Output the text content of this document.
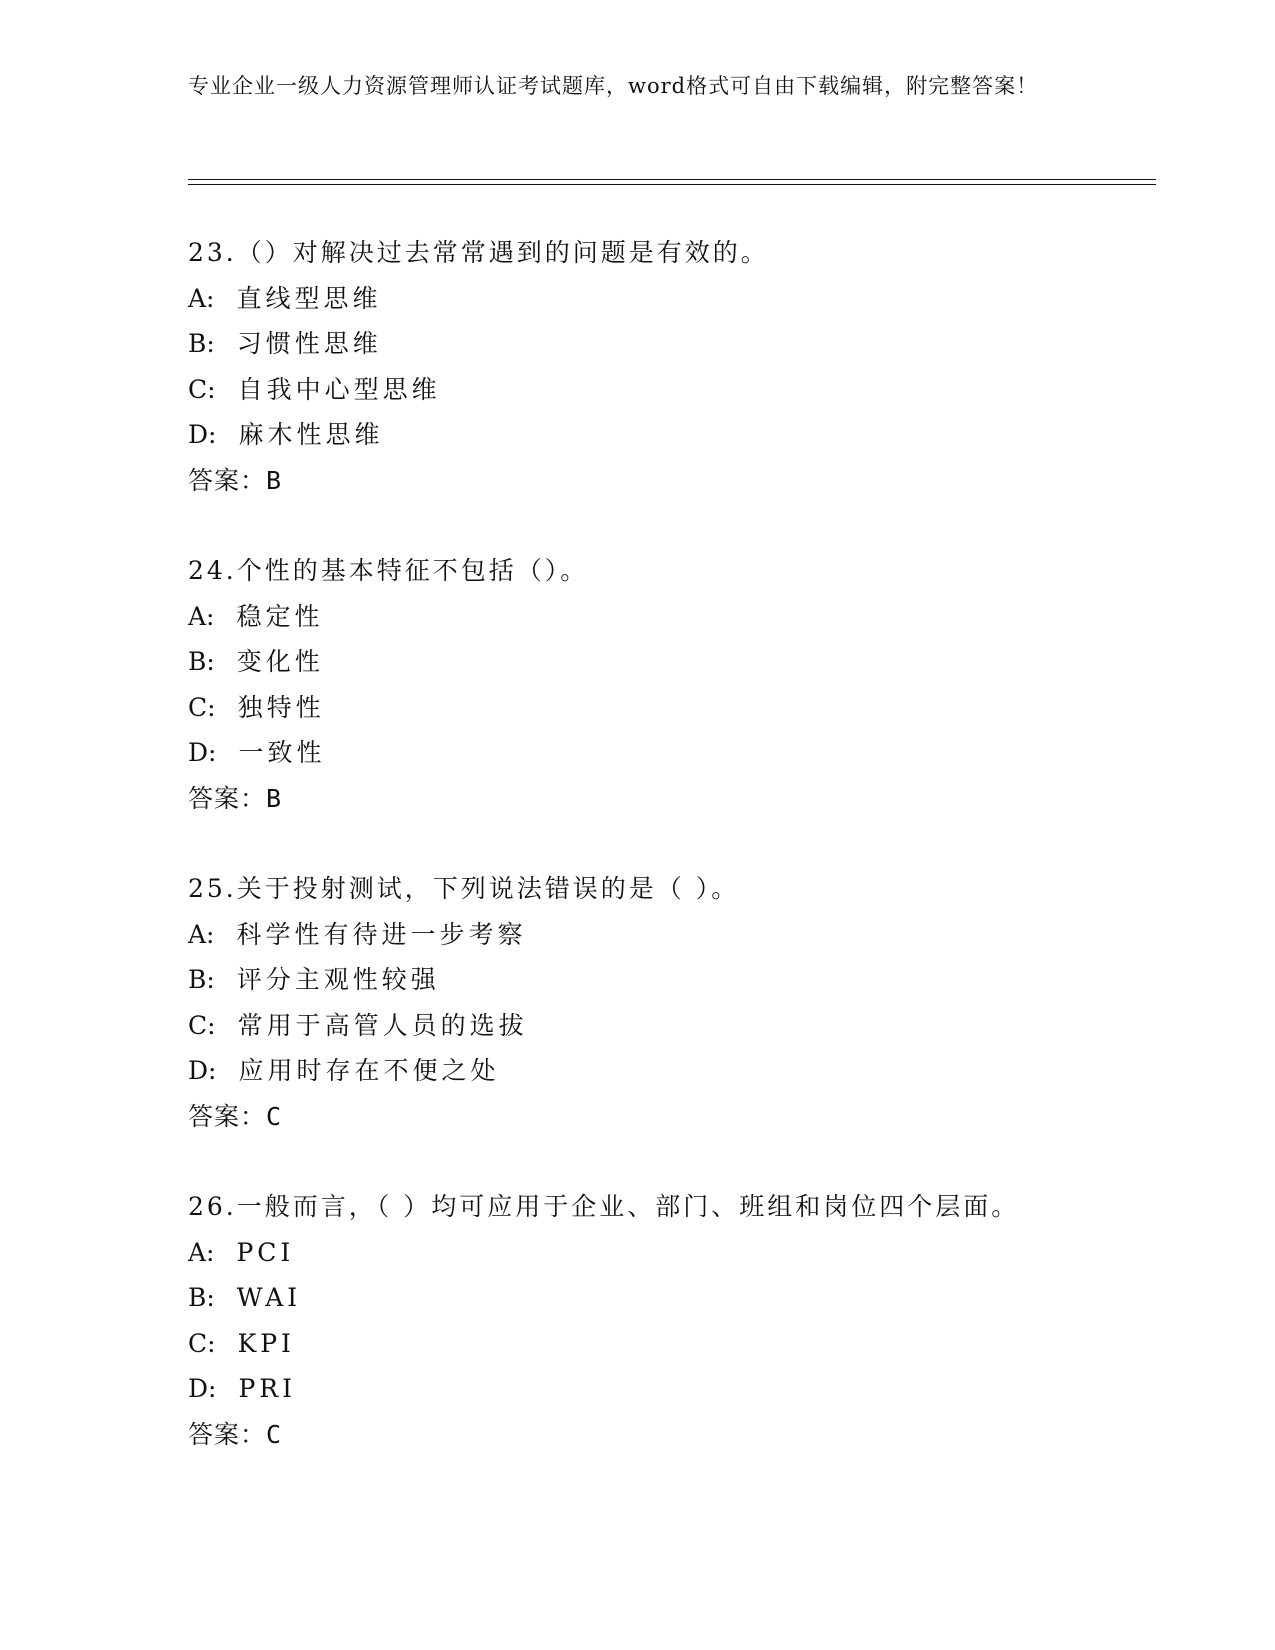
专业企业一级人力资源管理师认证考试题库，word格式可自由下载编辑，附完整答案！
23.（）对解决过去常常遇到的问题是有效的。
A: 直线型思维
B: 习惯性思维
C: 自我中心型思维
D: 麻木性思维
答案：B
24.个性的基本特征不包括（）。
A: 稳定性
B: 变化性
C: 独特性
D: 一致性
答案：B
25.关于投射测试，下列说法错误的是（ ）。
A: 科学性有待进一步考察
B: 评分主观性较强
C: 常用于高管人员的选拔
D: 应用时存在不便之处
答案：C
26.一般而言，（ ）均可应用于企业、部门、班组和岗位四个层面。
A: PCI
B: WAI
C: KPI
D: PRI
答案：C
